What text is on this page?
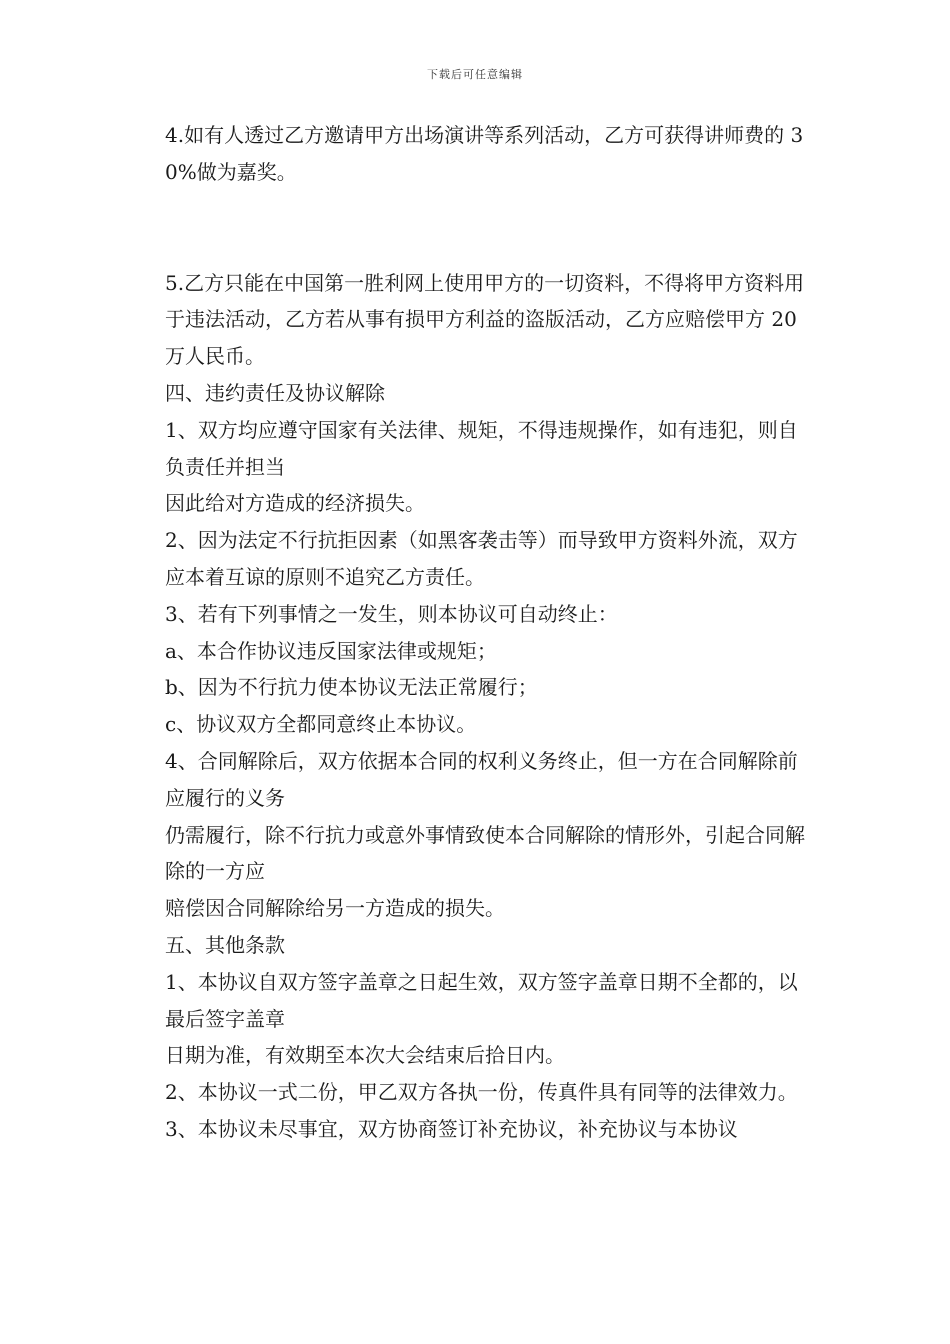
下载后可任意编辑

4.如有人透过乙方邀请甲方出场演讲等系列活动，乙方可获得讲师费的 30%做为嘉奖。

5.乙方只能在中国第一胜利网上使用甲方的一切资料，不得将甲方资料用于违法活动，乙方若从事有损甲方利益的盗版活动，乙方应赔偿甲方 20 万人民币。

四、违约责任及协议解除

1、双方均应遵守国家有关法律、规矩，不得违规操作，如有违犯，则自负责任并担当

因此给对方造成的经济损失。

2、因为法定不行抗拒因素（如黑客袭击等）而导致甲方资料外流，双方应本着互谅的原则不追究乙方责任。

3、若有下列事情之一发生，则本协议可自动终止：

a、本合作协议违反国家法律或规矩；

b、因为不行抗力使本协议无法正常履行；

c、协议双方全都同意终止本协议。

4、合同解除后，双方依据本合同的权利义务终止，但一方在合同解除前应履行的义务

仍需履行，除不行抗力或意外事情致使本合同解除的情形外，引起合同解除的一方应

赔偿因合同解除给另一方造成的损失。

五、其他条款

1、本协议自双方签字盖章之日起生效，双方签字盖章日期不全都的，以最后签字盖章

日期为准，有效期至本次大会结束后拾日内。

2、本协议一式二份，甲乙双方各执一份，传真件具有同等的法律效力。

3、本协议未尽事宜，双方协商签订补充协议，补充协议与本协议
